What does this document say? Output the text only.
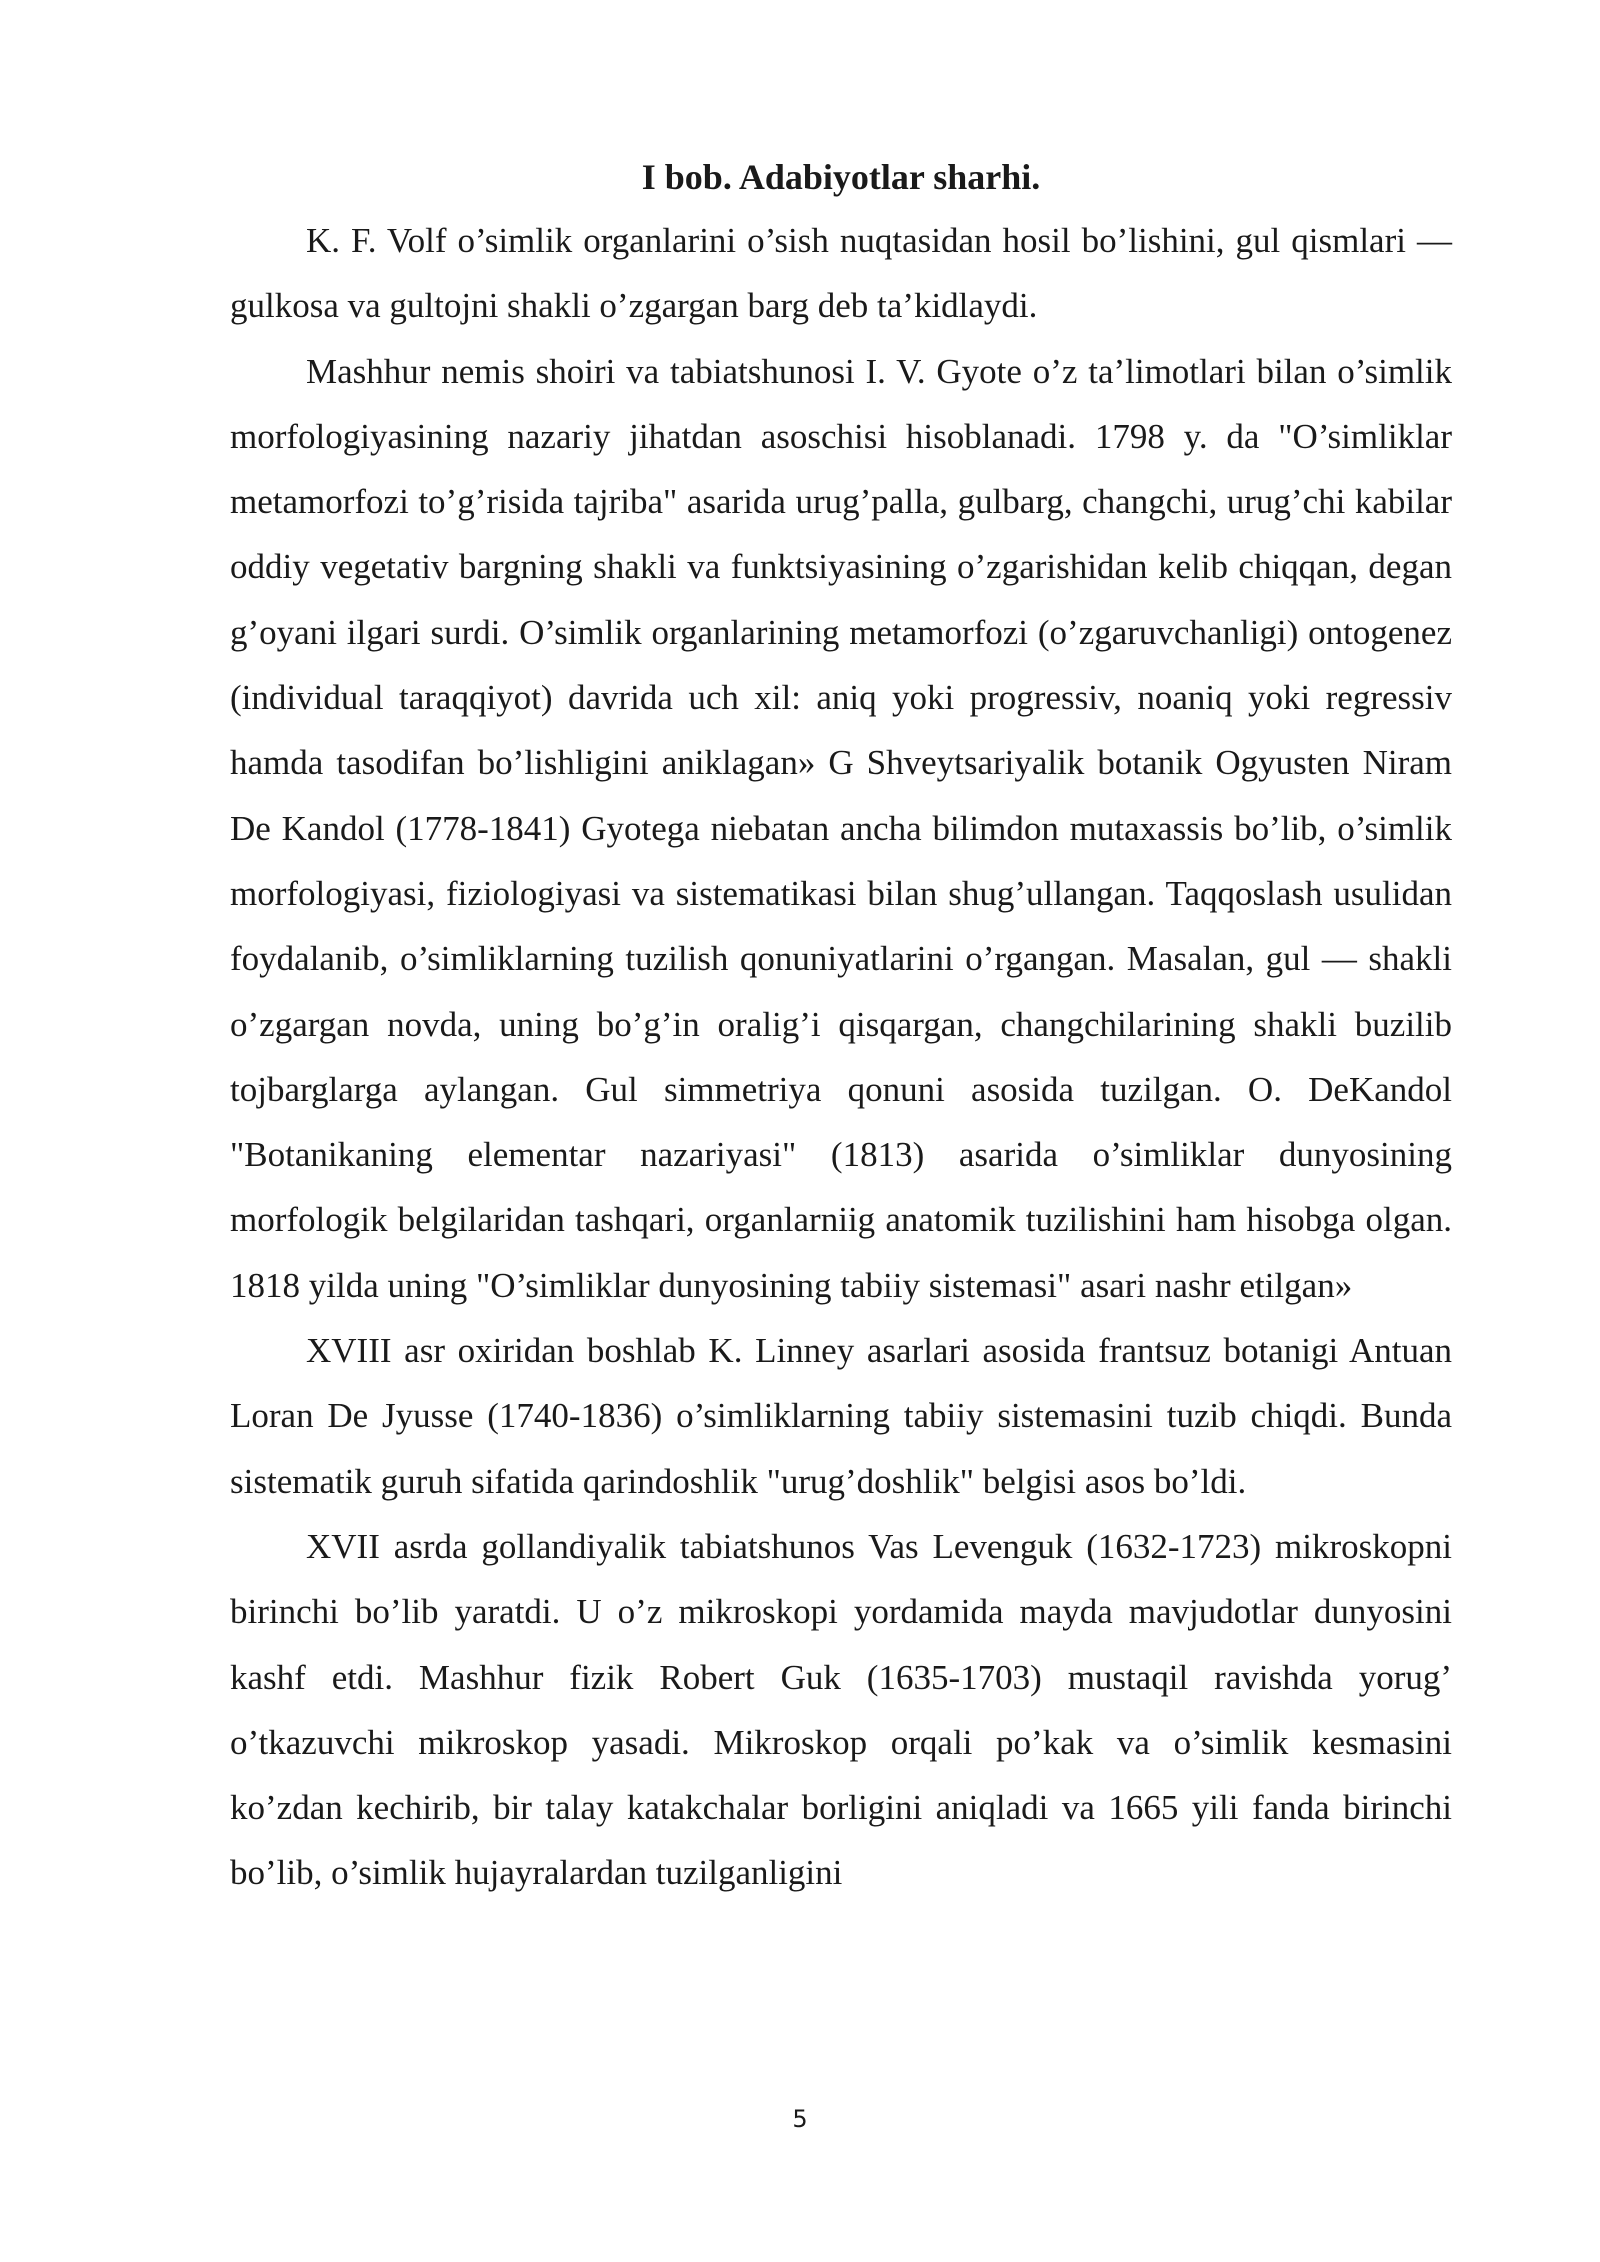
I bob. Adabiyotlar sharhi.

K. F. Volf o’simlik organlarini o’sish nuqtasidan hosil bo’lishini, gul qismlari — gulkosa va gultojni shakli o’zgargan barg deb ta’kidlaydi.

Mashhur nemis shoiri va tabiatshunosi I. V. Gyote o’z ta’limotlari bilan o’simlik morfologiyasining nazariy jihatdan asoschisi hisoblanadi. 1798 y. da "O’simliklar metamorfozi to’g’risida tajriba" asarida urug’palla, gulbarg, changchi, urug’chi kabilar oddiy vegetativ bargning shakli va funktsiyasining o’zgarishidan kelib chiqqan, degan g’oyani ilgari surdi. O’simlik organlarining metamorfozi (o’zgaruvchanligi) ontogenez (individual taraqqiyot) davrida uch xil: aniq yoki progressiv, noaniq yoki regressiv hamda tasodifan bo’lishligini aniklagan» G Shveytsariyalik botanik Ogyusten Niram De Kandol (1778-1841) Gyotega niebatan ancha bilimdon mutaxassis bo’lib, o’simlik morfologiyasi, fiziologiyasi va sistematikasi bilan shug’ullangan. Taqqoslash usulidan foydalanib, o’simliklarning tuzilish qonuniyatlarini o’rgangan. Masalan, gul — shakli o’zgargan novda, uning bo’g’in oralig’i qisqargan, changchilarining shakli buzilib tojbarglarga aylangan. Gul simmetriya qonuni asosida tuzilgan. O. DeKandol "Botanikaning elementar nazariyasi" (1813) asarida o’simliklar dunyosining morfologik belgilaridan tashqari, organlarniig anatomik tuzilishini ham hisobga olgan. 1818 yilda uning "O’simliklar dunyosining tabiiy sistemasi" asari nashr etilgan»

XVIII asr oxiridan boshlab K. Linney asarlari asosida frantsuz botanigi Antuan Loran De Jyusse (1740-1836) o’simliklarning tabiiy sistemasini tuzib chiqdi. Bunda sistematik guruh sifatida qarindoshlik "urug’doshlik" belgisi asos bo’ldi.

XVII asrda gollandiyalik tabiatshunos Vas Levenguk (1632-1723) mikroskopni birinchi bo’lib yaratdi. U o’z mikroskopi yordamida mayda mavjudotlar dunyosini kashf etdi. Mashhur fizik Robert Guk (1635-1703) mustaqil ravishda yorug’ o’tkazuvchi mikroskop yasadi. Mikroskop orqali po’kak va o’simlik kesmasini ko’zdan kechirib, bir talay katakchalar borligini aniqladi va 1665 yili fanda birinchi bo’lib, o’simlik hujayralardan tuzilganligini

5
